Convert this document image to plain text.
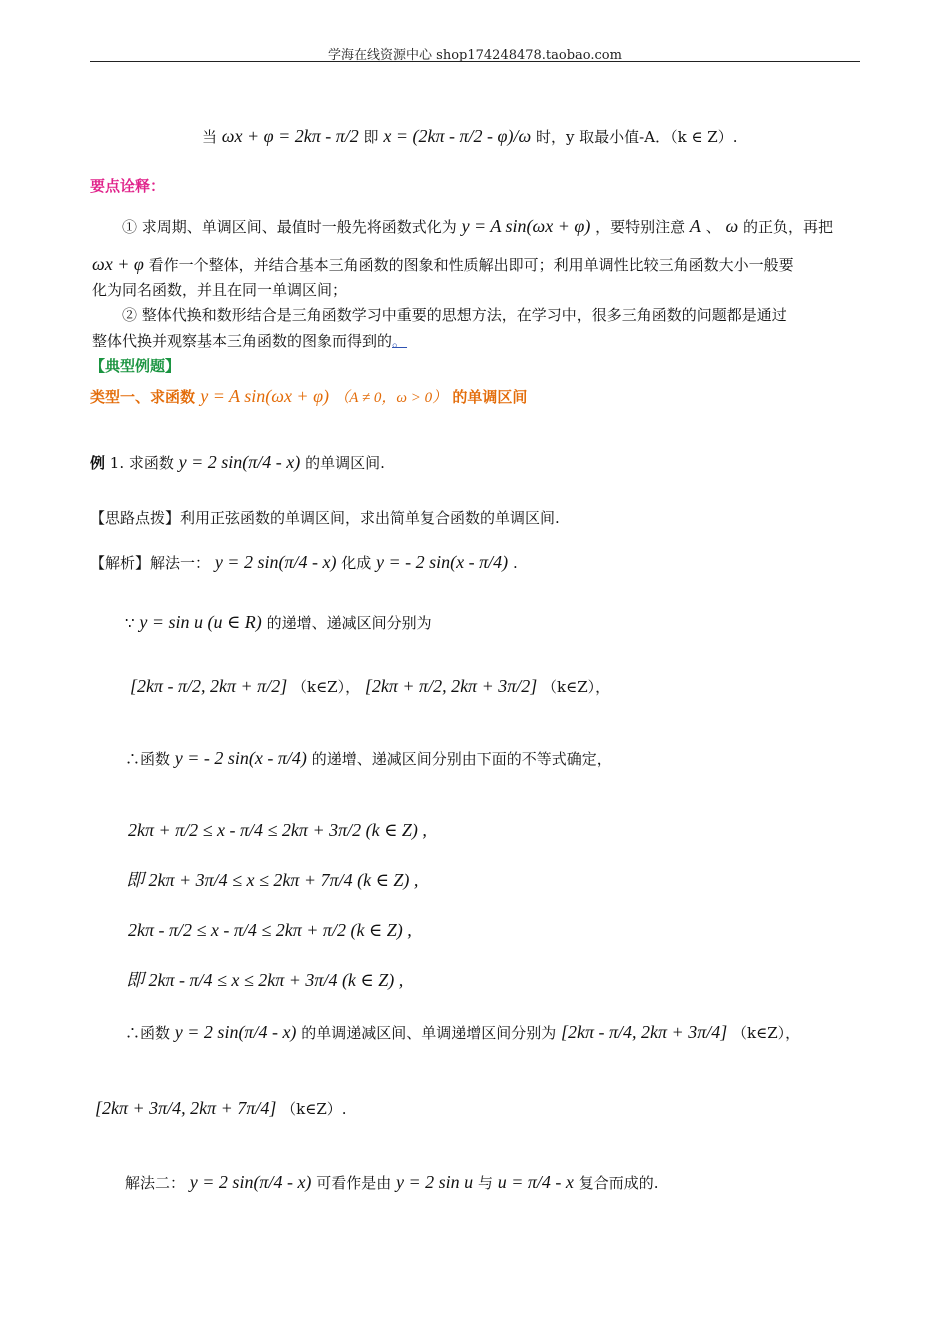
学海在线资源中心 shop174248478.taobao.com
当 ωx + φ = 2kπ - π/2 即 x = (2kπ - π/2 - φ)/ω 时，y 取最小值-A．（k ∈ Z）.
要点诠释：
① 求周期、单调区间、最值时一般先将函数式化为 y = A sin(ωx + φ) ，要特别注意 A 、 ω 的正负，再把
ωx + φ 看作一个整体，并结合基本三角函数的图象和性质解出即可；利用单调性比较三角函数大小一般要
化为同名函数，并且在同一单调区间；
② 整体代换和数形结合是三角函数学习中重要的思想方法，在学习中，很多三角函数的问题都是通过
整体代换并观察基本三角函数的图象而得到的。
【典型例题】
类型一、求函数 y = A sin(ωx + φ) （A ≠ 0，ω > 0） 的单调区间
例 1. 求函数 y = 2 sin(π/4 - x) 的单调区间.
【思路点拨】利用正弦函数的单调区间，求出简单复合函数的单调区间.
【解析】解法一： y = 2 sin(π/4 - x) 化成 y = - 2 sin(x - π/4) .
∵ y = sin u (u ∈ R) 的递增、递减区间分别为
[2kπ - π/2, 2kπ + π/2] （k∈Z）， [2kπ + π/2, 2kπ + 3π/2] （k∈Z），
∴函数 y = - 2 sin(x - π/4) 的递增、递减区间分别由下面的不等式确定，
2kπ + π/2 ≤ x - π/4 ≤ 2kπ + 3π/2 (k ∈ Z) ,
即 2kπ + 3π/4 ≤ x ≤ 2kπ + 7π/4 (k ∈ Z) ,
2kπ - π/2 ≤ x - π/4 ≤ 2kπ + π/2 (k ∈ Z) ,
即 2kπ - π/4 ≤ x ≤ 2kπ + 3π/4 (k ∈ Z) ,
∴函数 y = 2 sin(π/4 - x) 的单调递减区间、单调递增区间分别为 [2kπ - π/4, 2kπ + 3π/4] （k∈Z），
[2kπ + 3π/4, 2kπ + 7π/4] （k∈Z）.
解法二： y = 2 sin(π/4 - x) 可看作是由 y = 2 sin u 与 u = π/4 - x 复合而成的.
